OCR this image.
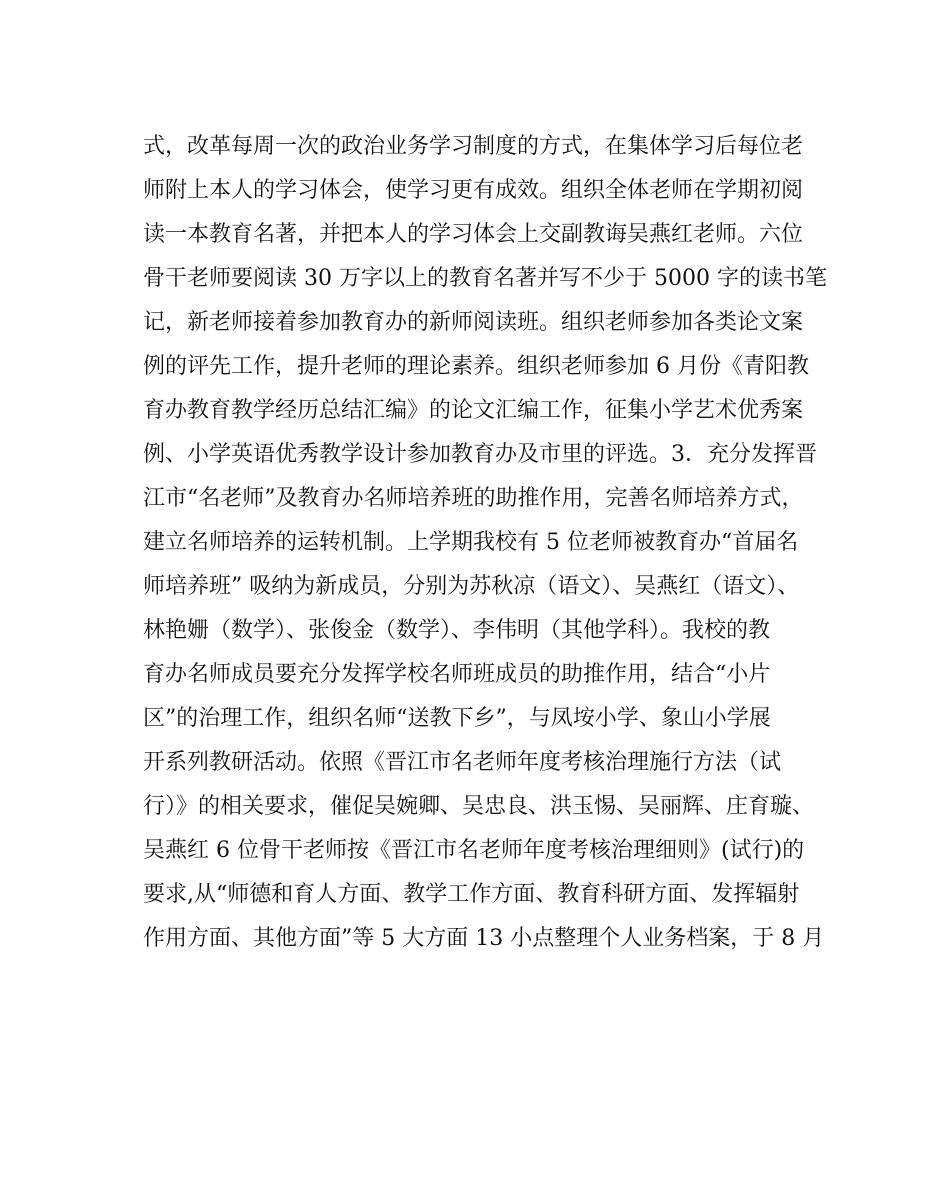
式，改革每周一次的政治业务学习制度的方式，在集体学习后每位老
师附上本人的学习体会，使学习更有成效。组织全体老师在学期初阅
读一本教育名著，并把本人的学习体会上交副教诲吴燕红老师。六位
骨干老师要阅读 30 万字以上的教育名著并写不少于 5000 字的读书笔
记，新老师接着参加教育办的新师阅读班。组织老师参加各类论文案
例的评先工作，提升老师的理论素养。组织老师参加 6 月份《青阳教
育办教育教学经历总结汇编》的论文汇编工作，征集小学艺术优秀案
例、小学英语优秀教学设计参加教育办及市里的评选。3．充分发挥晋
江市“名老师”及教育办名师培养班的助推作用，完善名师培养方式，
建立名师培养的运转机制。上学期我校有 5 位老师被教育办“首届名
师培养班” 吸纳为新成员，分别为苏秋凉（语文）、吴燕红（语文）、
林艳姗（数学）、张俊金（数学）、李伟明（其他学科）。我校的教
育办名师成员要充分发挥学校名师班成员的助推作用，结合“小片
区”的治理工作，组织名师“送教下乡”，与凤垵小学、象山小学展
开系列教研活动。依照《晋江市名老师年度考核治理施行方法（试
行）》的相关要求，催促吴婉卿、吴忠良、洪玉惕、吴丽辉、庄育璇、
吴燕红 6 位骨干老师按《晋江市名老师年度考核治理细则》(试行)的
要求,从“师德和育人方面、教学工作方面、教育科研方面、发挥辐射
作用方面、其他方面”等 5 大方面 13 小点整理个人业务档案，于 8 月
